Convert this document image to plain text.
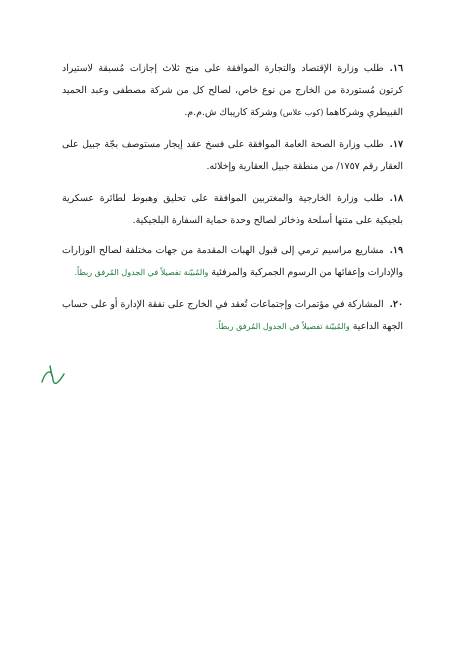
١٦.طلب وزارة الإقتصاد والتجارة الموافقة على منح ثلاث إجازات مُسبقة لاستيراد كرتون مُستوردة من الخارج من نوع خاص، لصالح كل من شركة مصطفى وعبد الحميد القبيطري وشركاهما (كوب علاس) وشركة كاريباك ش.م.م.
١٧.طلب وزارة الصحة العامة الموافقة على فسخ عقد إيجار مستوصف بجّة جبيل على العقار رقم ١٧٥٧/ من منطقة جبيل العقارية وإخلائه.
١٨.طلب وزارة الخارجية والمغتربين الموافقة على تحليق وهبوط لطائرة عسكرية بلجيكية على متنها أسلحة وذخائر لصالح وحدة حماية السفارة البلجيكية.
١٩.مشاريع مراسيم ترمي إلى قبول الهبات المقدمة من جهات مختلفة لصالح الوزارات والإدارات وإعفائها من الرسوم الجمركية والمرفئية والمُبيّنة تفصيلاً في الجدول المُرفق ربطاً.
٢٠.المشاركة في مؤتمرات وإجتماعات تُعقد في الخارج على نفقة الإدارة أو على حساب الجهة الداعية والمُبيّنة تفصيلاً في الجدول المُرفق ربطاً.
